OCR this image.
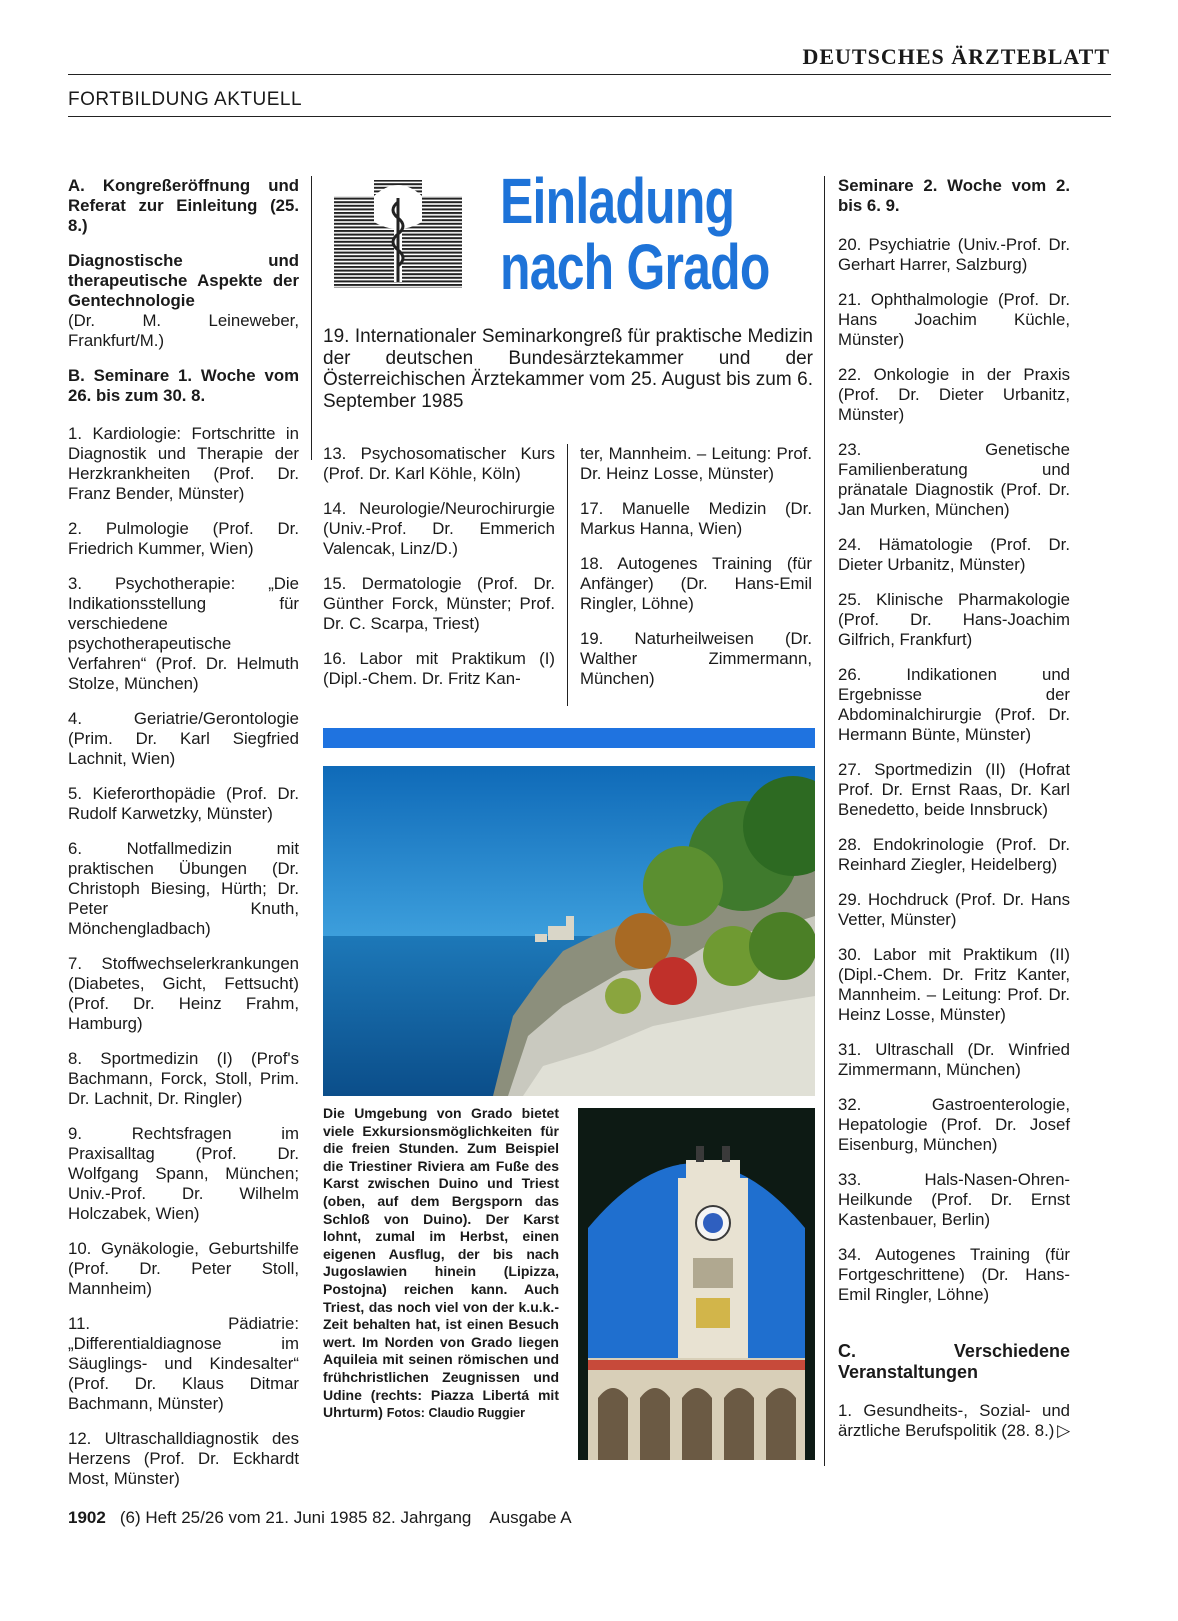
DEUTSCHES ÄRZTEBLATT
FORTBILDUNG AKTUELL

A. Kongreßeröffnung und Referat zur Einleitung (25. 8.)

Diagnostische und therapeutische Aspekte der Gentechnologie
(Dr. M. Leineweber, Frankfurt/M.)

B. Seminare 1. Woche vom 26. bis zum 30. 8.

1. Kardiologie: Fortschritte in Diagnostik und Therapie der Herzkrankheiten (Prof. Dr. Franz Bender, Münster)

2. Pulmologie (Prof. Dr. Friedrich Kummer, Wien)

3. Psychotherapie: „Die Indikationsstellung für verschiedene psychotherapeutische Verfahren“ (Prof. Dr. Helmuth Stolze, München)

4. Geriatrie/Gerontologie (Prim. Dr. Karl Siegfried Lachnit, Wien)

5. Kieferorthopädie (Prof. Dr. Rudolf Karwetzky, Münster)

6. Notfallmedizin mit praktischen Übungen (Dr. Christoph Biesing, Hürth; Dr. Peter Knuth, Mönchengladbach)

7. Stoffwechselerkrankungen (Diabetes, Gicht, Fettsucht) (Prof. Dr. Heinz Frahm, Hamburg)

8. Sportmedizin (I) (Prof's Bachmann, Forck, Stoll, Prim. Dr. Lachnit, Dr. Ringler)

9. Rechtsfragen im Praxisalltag (Prof. Dr. Wolfgang Spann, München; Univ.-Prof. Dr. Wilhelm Holczabek, Wien)

10. Gynäkologie, Geburtshilfe (Prof. Dr. Peter Stoll, Mannheim)

11. Pädiatrie: „Differentialdiagnose im Säuglings- und Kindesalter“ (Prof. Dr. Klaus Ditmar Bachmann, Münster)

12. Ultraschalldiagnostik des Herzens (Prof. Dr. Eckhardt Most, Münster)

Einladung
nach Grado
19. Internationaler Seminarkongreß für praktische Medizin der deutschen Bundesärztekammer und der Österreichischen Ärztekammer vom 25. August bis zum 6. September 1985

13. Psychosomatischer Kurs (Prof. Dr. Karl Köhle, Köln)

14. Neurologie/Neurochirurgie (Univ.-Prof. Dr. Emmerich Valencak, Linz/D.)

15. Dermatologie (Prof. Dr. Günther Forck, Münster; Prof. Dr. C. Scarpa, Triest)

16. Labor mit Praktikum (I) (Dipl.-Chem. Dr. Fritz Kan-

ter, Mannheim. – Leitung: Prof. Dr. Heinz Losse, Münster)

17. Manuelle Medizin (Dr. Markus Hanna, Wien)

18. Autogenes Training (für Anfänger) (Dr. Hans-Emil Ringler, Löhne)

19. Naturheilweisen (Dr. Walther Zimmermann, München)

Die Umgebung von Grado bietet viele Exkursionsmöglichkeiten für die freien Stunden. Zum Beispiel die Triestiner Riviera am Fuße des Karst zwischen Duino und Triest (oben, auf dem Bergsporn das Schloß von Duino). Der Karst lohnt, zumal im Herbst, einen eigenen Ausflug, der bis nach Jugoslawien hinein (Lipizza, Postojna) reichen kann. Auch Triest, das noch viel von der k.u.k.-Zeit behalten hat, ist einen Besuch wert. Im Norden von Grado liegen Aquileia mit seinen römischen und frühchristlichen Zeugnissen und Udine (rechts: Piazza Libertá mit Uhrturm) Fotos: Claudio Ruggier

Seminare 2. Woche vom 2. bis 6. 9.

20. Psychiatrie (Univ.-Prof. Dr. Gerhart Harrer, Salzburg)

21. Ophthalmologie (Prof. Dr. Hans Joachim Küchle, Münster)

22. Onkologie in der Praxis (Prof. Dr. Dieter Urbanitz, Münster)

23. Genetische Familienberatung und pränatale Diagnostik (Prof. Dr. Jan Murken, München)

24. Hämatologie (Prof. Dr. Dieter Urbanitz, Münster)

25. Klinische Pharmakologie (Prof. Dr. Hans-Joachim Gilfrich, Frankfurt)

26. Indikationen und Ergebnisse der Abdominalchirurgie (Prof. Dr. Hermann Bünte, Münster)

27. Sportmedizin (II) (Hofrat Prof. Dr. Ernst Raas, Dr. Karl Benedetto, beide Innsbruck)

28. Endokrinologie (Prof. Dr. Reinhard Ziegler, Heidelberg)

29. Hochdruck (Prof. Dr. Hans Vetter, Münster)

30. Labor mit Praktikum (II) (Dipl.-Chem. Dr. Fritz Kanter, Mannheim. – Leitung: Prof. Dr. Heinz Losse, Münster)

31. Ultraschall (Dr. Winfried Zimmermann, München)

32. Gastroenterologie, Hepatologie (Prof. Dr. Josef Eisenburg, München)

33. Hals-Nasen-Ohren-Heilkunde (Prof. Dr. Ernst Kastenbauer, Berlin)

34. Autogenes Training (für Fortgeschrittene) (Dr. Hans-Emil Ringler, Löhne)

C. Verschiedene Veranstaltungen

1. Gesundheits-, Sozial- und ärztliche Berufspolitik (28. 8.) ▷

1902 (6) Heft 25/26 vom 21. Juni 1985 82. Jahrgang Ausgabe A
